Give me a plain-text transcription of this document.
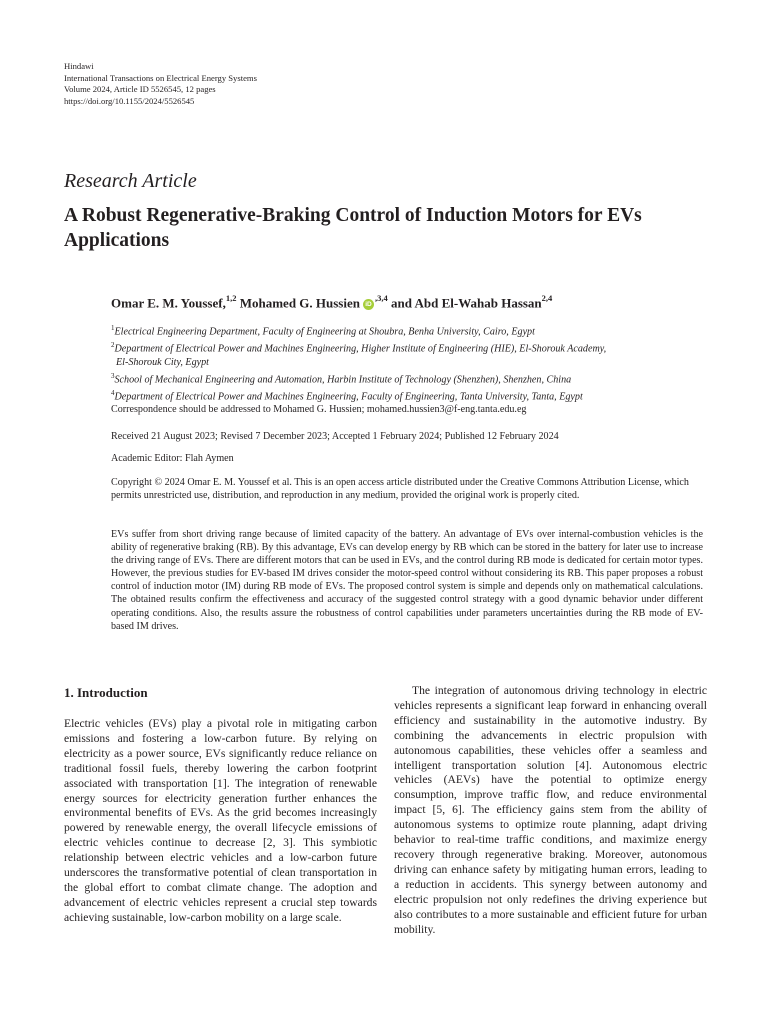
Hindawi
International Transactions on Electrical Energy Systems
Volume 2024, Article ID 5526545, 12 pages
https://doi.org/10.1155/2024/5526545
Research Article
A Robust Regenerative-Braking Control of Induction Motors for EVs Applications
Omar E. M. Youssef,$^{1,2}$ Mohamed G. Hussien $iD^{,3,4}$ and Abd El-Wahab Hassan$^{2,4}$
$^1$Electrical Engineering Department, Faculty of Engineering at Shoubra, Benha University, Cairo, Egypt
$^2$Department of Electrical Power and Machines Engineering, Higher Institute of Engineering (HIE), El-Shorouk Academy,
El-Shorouk City, Egypt
$^3$School of Mechanical Engineering and Automation, Harbin Institute of Technology (Shenzhen), Shenzhen, China
$^4$Department of Electrical Power and Machines Engineering, Faculty of Engineering, Tanta University, Tanta, Egypt
Correspondence should be addressed to Mohamed G. Hussien; mohamed.hussien3@f-eng.tanta.edu.eg
Received 21 August 2023; Revised 7 December 2023; Accepted 1 February 2024; Published 12 February 2024
Academic Editor: Flah Aymen
Copyright © 2024 Omar E. M. Youssef et al. This is an open access article distributed under the Creative Commons Attribution License, which permits unrestricted use, distribution, and reproduction in any medium, provided the original work is properly cited.
EVs suffer from short driving range because of limited capacity of the battery. An advantage of EVs over internal-combustion vehicles is the ability of regenerative braking (RB). By this advantage, EVs can develop energy by RB which can be stored in the battery for later use to increase the driving range of EVs. There are different motors that can be used in EVs, and the control during RB mode is dedicated for certain motor types. However, the previous studies for EV-based IM drives consider the motor-speed control without considering its RB. This paper proposes a robust control of induction motor (IM) during RB mode of EVs. The proposed control system is simple and depends only on mathematical calculations. The obtained results confirm the effectiveness and accuracy of the suggested control strategy with a good dynamic behavior under different operating conditions. Also, the results assure the robustness of control capabilities under parameters uncertainties during the RB mode of EV-based IM drives.
1. Introduction

Electric vehicles (EVs) play a pivotal role in mitigating carbon emissions and fostering a low-carbon future. By relying on electricity as a power source, EVs significantly reduce reliance on traditional fossil fuels, thereby lowering the carbon footprint associated with transportation [1]. The integration of renewable energy sources for electricity generation further enhances the environmental benefits of EVs. As the grid becomes increasingly powered by renewable energy, the overall lifecycle emissions of electric vehicles continue to decrease [2, 3]. This symbiotic relationship between electric vehicles and a low-carbon future underscores the transformative potential of clean transportation in the global effort to combat climate change. The adoption and advancement of electric vehicles represent a crucial step towards achieving sustainable, low-carbon mobility on a large scale.

The integration of autonomous driving technology in electric vehicles represents a significant leap forward in enhancing overall efficiency and sustainability in the automotive industry. By combining the advancements in electric propulsion with autonomous capabilities, these vehicles offer a seamless and intelligent transportation solution [4]. Autonomous electric vehicles (AEVs) have the potential to optimize energy consumption, improve traffic flow, and reduce environmental impact [5, 6]. The efficiency gains stem from the ability of autonomous systems to optimize route planning, adapt driving behavior to real-time traffic conditions, and maximize energy recovery through regenerative braking. Moreover, autonomous driving can enhance safety by mitigating human errors, leading to a reduction in accidents. This synergy between autonomy and electric propulsion not only redefines the driving experience but also contributes to a more sustainable and efficient future for urban mobility.
